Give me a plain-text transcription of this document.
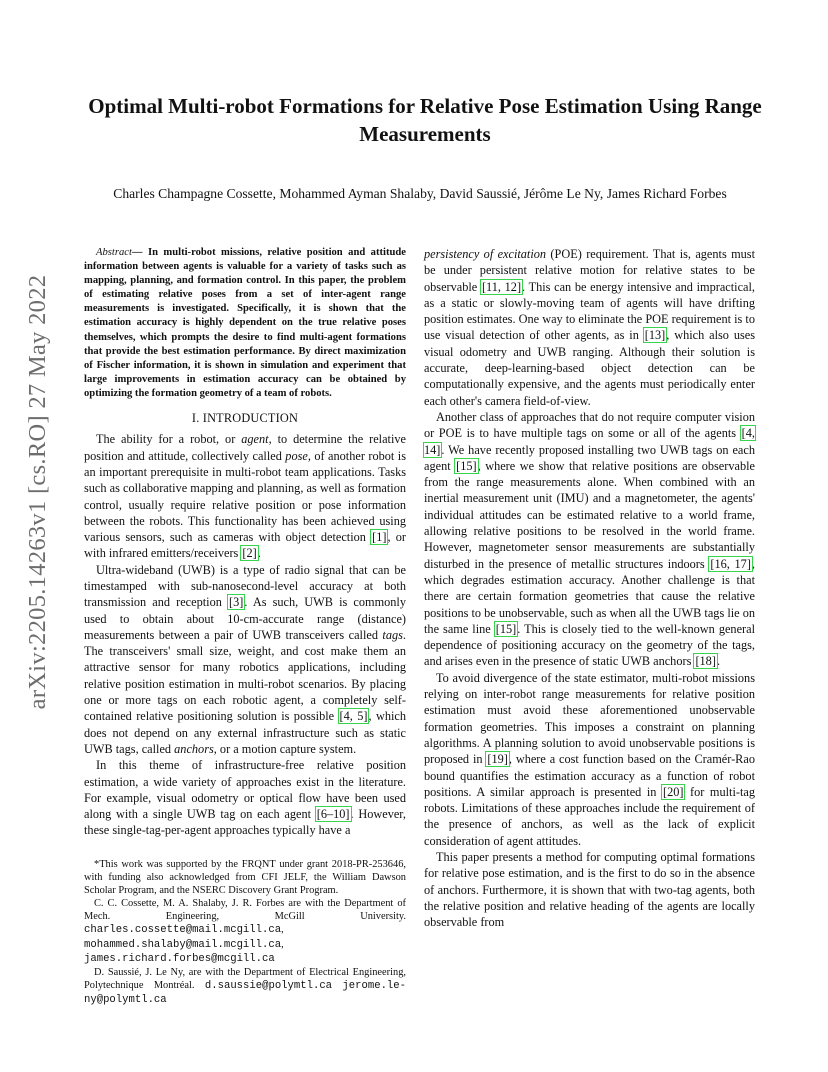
arXiv:2205.14263v1 [cs.RO] 27 May 2022
Optimal Multi-robot Formations for Relative Pose Estimation Using Range Measurements
Charles Champagne Cossette, Mohammed Ayman Shalaby, David Saussié, Jérôme Le Ny, James Richard Forbes

Abstract— In multi-robot missions, relative position and attitude information between agents is valuable for a variety of tasks such as mapping, planning, and formation control. In this paper, the problem of estimating relative poses from a set of inter-agent range measurements is investigated. Specifically, it is shown that the estimation accuracy is highly dependent on the true relative poses themselves, which prompts the desire to find multi-agent formations that provide the best estimation performance. By direct maximization of Fischer information, it is shown in simulation and experiment that large improvements in estimation accuracy can be obtained by optimizing the formation geometry of a team of robots.

I. INTRODUCTION

The ability for a robot, or agent, to determine the relative position and attitude, collectively called pose, of another robot is an important prerequisite in multi-robot team applications. Tasks such as collaborative mapping and planning, as well as formation control, usually require relative position or pose information between the robots. This functionality has been achieved using various sensors, such as cameras with object detection [1], or with infrared emitters/receivers [2].

Ultra-wideband (UWB) is a type of radio signal that can be timestamped with sub-nanosecond-level accuracy at both transmission and reception [3]. As such, UWB is commonly used to obtain about 10-cm-accurate range (distance) measurements between a pair of UWB transceivers called tags. The transceivers' small size, weight, and cost make them an attractive sensor for many robotics applications, including relative position estimation in multi-robot scenarios. By placing one or more tags on each robotic agent, a completely self-contained relative positioning solution is possible [4, 5], which does not depend on any external infrastructure such as static UWB tags, called anchors, or a motion capture system.

In this theme of infrastructure-free relative position estimation, a wide variety of approaches exist in the literature. For example, visual odometry or optical flow have been used along with a single UWB tag on each agent [6–10]. However, these single-tag-per-agent approaches typically have a

*This work was supported by the FRQNT under grant 2018-PR-253646, with funding also acknowledged from CFI JELF, the William Dawson Scholar Program, and the NSERC Discovery Grant Program.

C. C. Cossette, M. A. Shalaby, J. R. Forbes are with the Department of Mech. Engineering, McGill University. charles.cossette@mail.mcgill.ca, mohammed.shalaby@mail.mcgill.ca, james.richard.forbes@mcgill.ca

D. Saussié, J. Le Ny, are with the Department of Electrical Engineering, Polytechnique Montréal. d.saussie@polymtl.ca jerome.le-ny@polymtl.ca

persistency of excitation (POE) requirement. That is, agents must be under persistent relative motion for relative states to be observable [11, 12]. This can be energy intensive and impractical, as a static or slowly-moving team of agents will have drifting position estimates. One way to eliminate the POE requirement is to use visual detection of other agents, as in [13], which also uses visual odometry and UWB ranging. Although their solution is accurate, deep-learning-based object detection can be computationally expensive, and the agents must periodically enter each other's camera field-of-view.

Another class of approaches that do not require computer vision or POE is to have multiple tags on some or all of the agents [4, 14]. We have recently proposed installing two UWB tags on each agent [15], where we show that relative positions are observable from the range measurements alone. When combined with an inertial measurement unit (IMU) and a magnetometer, the agents' individual attitudes can be estimated relative to a world frame, allowing relative positions to be resolved in the world frame. However, magnetometer sensor measurements are substantially disturbed in the presence of metallic structures indoors [16, 17], which degrades estimation accuracy. Another challenge is that there are certain formation geometries that cause the relative positions to be unobservable, such as when all the UWB tags lie on the same line [15]. This is closely tied to the well-known general dependence of positioning accuracy on the geometry of the tags, and arises even in the presence of static UWB anchors [18].

To avoid divergence of the state estimator, multi-robot missions relying on inter-robot range measurements for relative position estimation must avoid these aforementioned unobservable formation geometries. This imposes a constraint on planning algorithms. A planning solution to avoid unobservable positions is proposed in [19], where a cost function based on the Cramér-Rao bound quantifies the estimation accuracy as a function of robot positions. A similar approach is presented in [20] for multi-tag robots. Limitations of these approaches include the requirement of the presence of anchors, as well as the lack of explicit consideration of agent attitudes.

This paper presents a method for computing optimal formations for relative pose estimation, and is the first to do so in the absence of anchors. Furthermore, it is shown that with two-tag agents, both the relative position and relative heading of the agents are locally observable from
